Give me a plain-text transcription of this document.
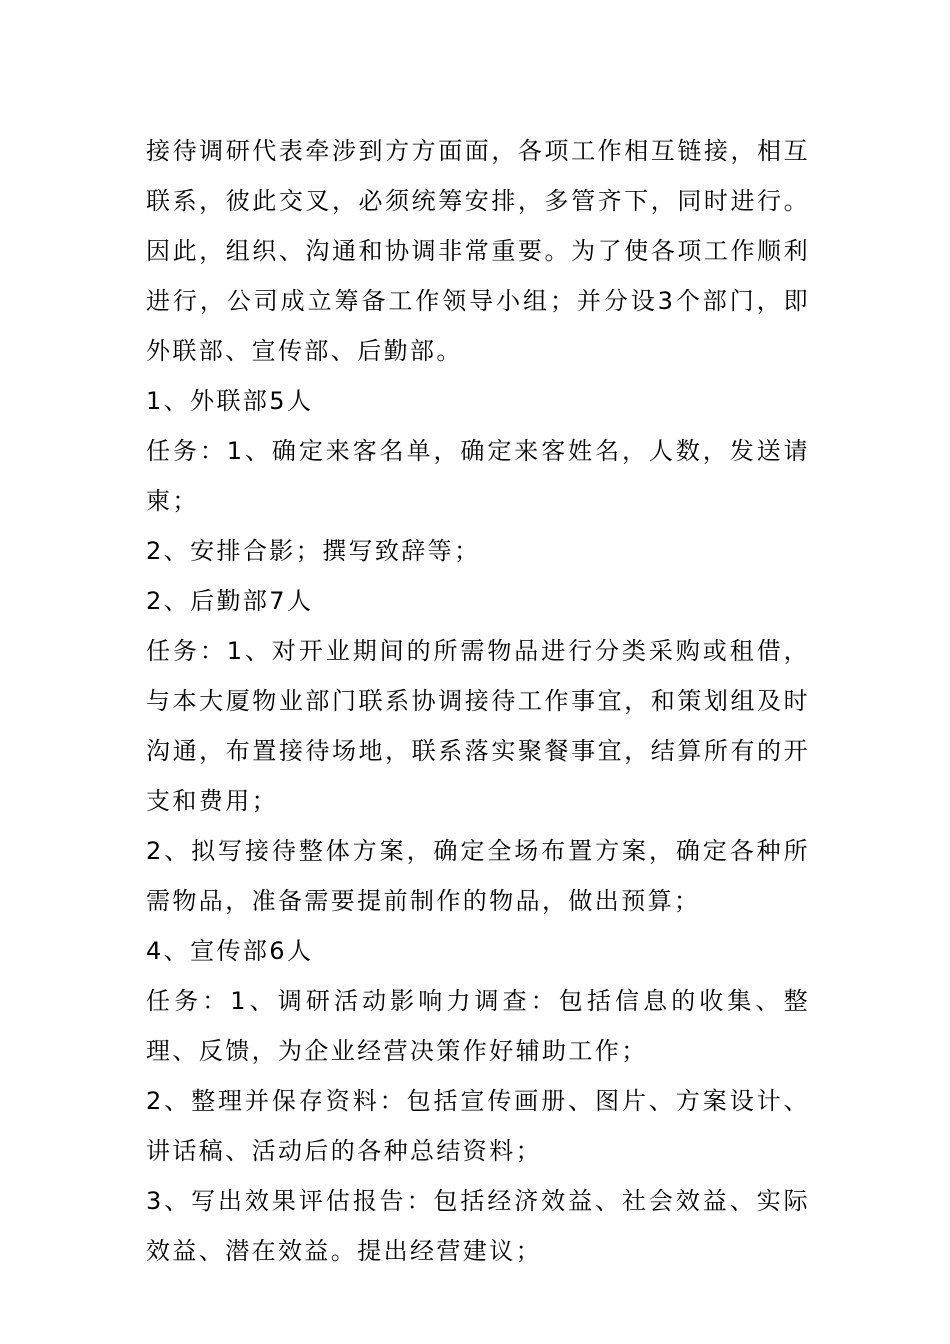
接待调研代表牵涉到方方面面，各项工作相互链接，相互联系，彼此交叉，必须统筹安排，多管齐下，同时进行。因此，组织、沟通和协调非常重要。为了使各项工作顺利进行，公司成立筹备工作领导小组；并分设3个部门，即外联部、宣传部、后勤部。

1、外联部5人

任务：1、确定来客名单，确定来客姓名，人数，发送请柬；

2、安排合影；撰写致辞等；

2、后勤部7人

任务：1、对开业期间的所需物品进行分类采购或租借，与本大厦物业部门联系协调接待工作事宜，和策划组及时沟通，布置接待场地，联系落实聚餐事宜，结算所有的开支和费用；

2、拟写接待整体方案，确定全场布置方案，确定各种所需物品，准备需要提前制作的物品，做出预算；

4、宣传部6人

任务：1、调研活动影响力调查：包括信息的收集、整理、反馈，为企业经营决策作好辅助工作；

2、整理并保存资料：包括宣传画册、图片、方案设计、讲话稿、活动后的各种总结资料；

3、写出效果评估报告：包括经济效益、社会效益、实际效益、潜在效益。提出经营建议；
